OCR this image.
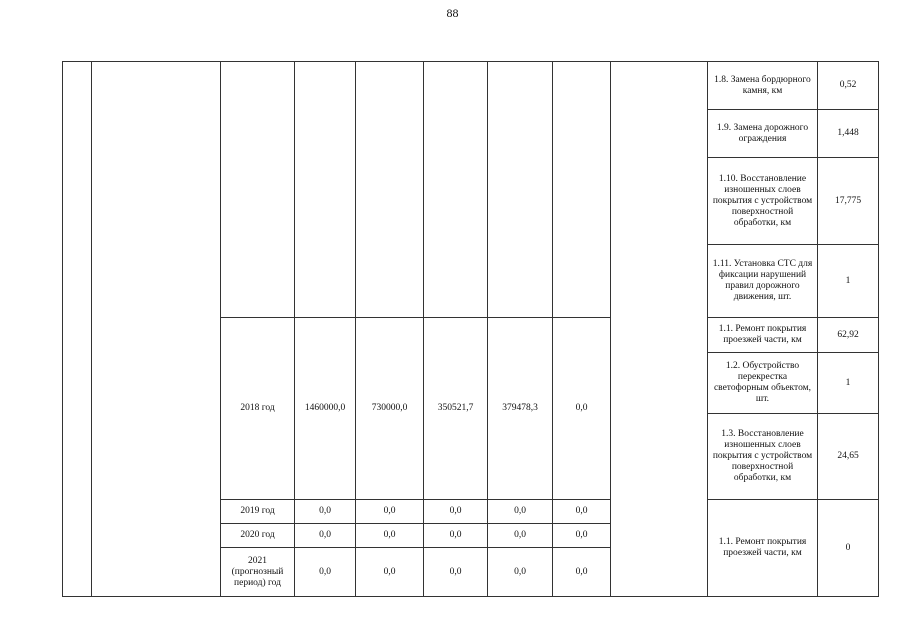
88
									1.8. Замена бордюрного камня, км	0,52
									1.9. Замена дорожного ограждения	1,448
									1.10. Восстановление изношенных слоев покрытия с устройством поверхностной обработки, км	17,775
									1.11. Установка СТС для фиксации нарушений правил дорожного движения, шт.	1
		2018 год	1460000,0	730000,0	350521,7	379478,3	0,0		1.1. Ремонт покрытия проезжей части, км	62,92
									1.2. Обустройство перекрестка светофорным объектом, шт.	1
									1.3. Восстановление изношенных слоев покрытия с устройством поверхностной обработки, км	24,65
		2019 год	0,0	0,0	0,0	0,0	0,0		1.1. Ремонт покрытия проезжей части, км	0
		2020 год	0,0	0,0	0,0	0,0	0,0			
		2021 (прогнозный период) год	0,0	0,0	0,0	0,0	0,0			
